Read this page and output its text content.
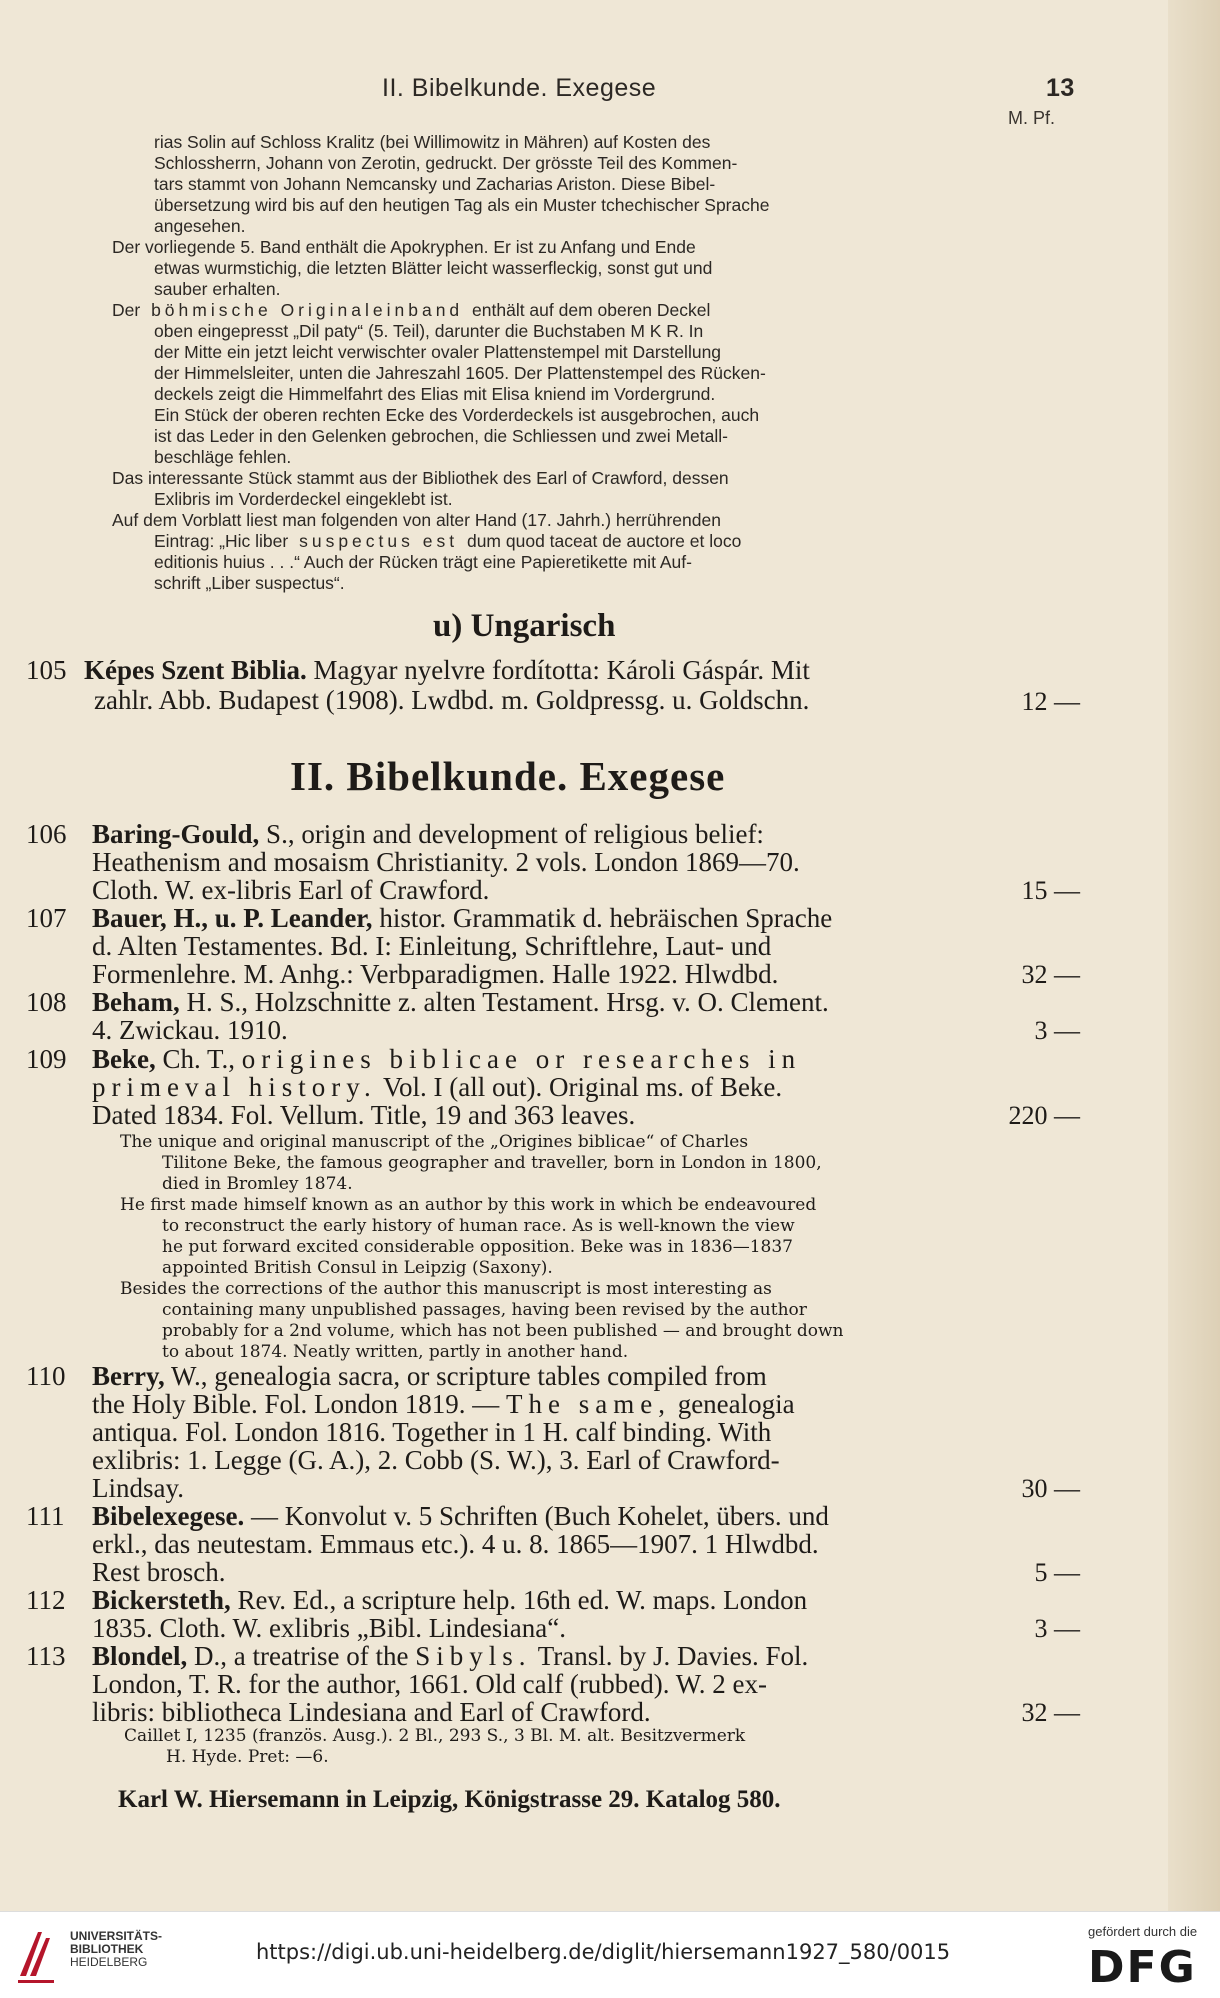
II. Bibelkunde. Exegese	13
M. Pf.
rias Solin auf Schloss Kralitz (bei Willimowitz in Mähren) auf Kosten des
Schlossherrn, Johann von Zerotin, gedruckt. Der grösste Teil des Kommen-
tars stammt von Johann Nemcansky und Zacharias Ariston. Diese Bibel-
übersetzung wird bis auf den heutigen Tag als ein Muster tchechischer Sprache
angesehen.
Der vorliegende 5. Band enthält die Apokryphen. Er ist zu Anfang und Ende
etwas wurmstichig, die letzten Blätter leicht wasserfleckig, sonst gut und
sauber erhalten.
Der böhmische Originaleinband enthält auf dem oberen Deckel
oben eingepresst „Dil paty“ (5. Teil), darunter die Buchstaben M K R. In
der Mitte ein jetzt leicht verwischter ovaler Plattenstempel mit Darstellung
der Himmelsleiter, unten die Jahreszahl 1605. Der Plattenstempel des Rücken-
deckels zeigt die Himmelfahrt des Elias mit Elisa kniend im Vordergrund.
Ein Stück der oberen rechten Ecke des Vorderdeckels ist ausgebrochen, auch
ist das Leder in den Gelenken gebrochen, die Schliessen und zwei Metall-
beschläge fehlen.
Das interessante Stück stammt aus der Bibliothek des Earl of Crawford, dessen
Exlibris im Vorderdeckel eingeklebt ist.
Auf dem Vorblatt liest man folgenden von alter Hand (17. Jahrh.) herrührenden
Eintrag: „Hic liber suspectus est dum quod taceat de auctore et loco
editionis huius . . .“ Auch der Rücken trägt eine Papieretikette mit Auf-
schrift „Liber suspectus“.
u) Ungarisch
105 Képes Szent Biblia. Magyar nyelvre fordította: Károli Gáspár. Mit
zahlr. Abb. Budapest (1908). Lwdbd. m. Goldpressg. u. Goldschn.	12 —
II. Bibelkunde. Exegese
106 Baring-Gould, S., origin and development of religious belief:
Heathenism and mosaism Christianity. 2 vols. London 1869—70.
Cloth. W. ex-libris Earl of Crawford.	15 —
107 Bauer, H., u. P. Leander, histor. Grammatik d. hebräischen Sprache
d. Alten Testamentes. Bd. I: Einleitung, Schriftlehre, Laut- und
Formenlehre. M. Anhg.: Verbparadigmen. Halle 1922. Hlwdbd.	32 —
108 Beham, H. S., Holzschnitte z. alten Testament. Hrsg. v. O. Clement.
4. Zwickau. 1910.	3 —
109 Beke, Ch. T., origines biblicae or researches in
primeval history. Vol. I (all out). Original ms. of Beke.
Dated 1834. Fol. Vellum. Title, 19 and 363 leaves.	220 —
The unique and original manuscript of the „Origines biblicae“ of Charles
Tilitone Beke, the famous geographer and traveller, born in London in 1800,
died in Bromley 1874.
He first made himself known as an author by this work in which be endeavoured
to reconstruct the early history of human race. As is well-known the view
he put forward excited considerable opposition. Beke was in 1836—1837
appointed British Consul in Leipzig (Saxony).
Besides the corrections of the author this manuscript is most interesting as
containing many unpublished passages, having been revised by the author
probably for a 2nd volume, which has not been published — and brought down
to about 1874. Neatly written, partly in another hand.
110 Berry, W., genealogia sacra, or scripture tables compiled from
the Holy Bible. Fol. London 1819. — The same, genealogia
antiqua. Fol. London 1816. Together in 1 H. calf binding. With
exlibris: 1. Legge (G. A.), 2. Cobb (S. W.), 3. Earl of Crawford-
Lindsay.	30 —
111 Bibelexegese. — Konvolut v. 5 Schriften (Buch Kohelet, übers. und
erkl., das neutestam. Emmaus etc.). 4 u. 8. 1865—1907. 1 Hlwdbd.
Rest brosch.	5 —
112 Bickersteth, Rev. Ed., a scripture help. 16th ed. W. maps. London
1835. Cloth. W. exlibris „Bibl. Lindesiana“.	3 —
113 Blondel, D., a treatrise of the Sibyls. Transl. by J. Davies. Fol.
London, T. R. for the author, 1661. Old calf (rubbed). W. 2 ex-
libris: bibliotheca Lindesiana and Earl of Crawford.	32 —
Caillet I, 1235 (französ. Ausg.). 2 Bl., 293 S., 3 Bl. M. alt. Besitzvermerk
H. Hyde. Pret: —6.
Karl W. Hiersemann in Leipzig, Königstrasse 29. Katalog 580.
UNIVERSITÄTS-
BIBLIOTHEK
HEIDELBERG	https://digi.ub.uni-heidelberg.de/diglit/hiersemann1927_580/0015
gefördert durch die
DFG
